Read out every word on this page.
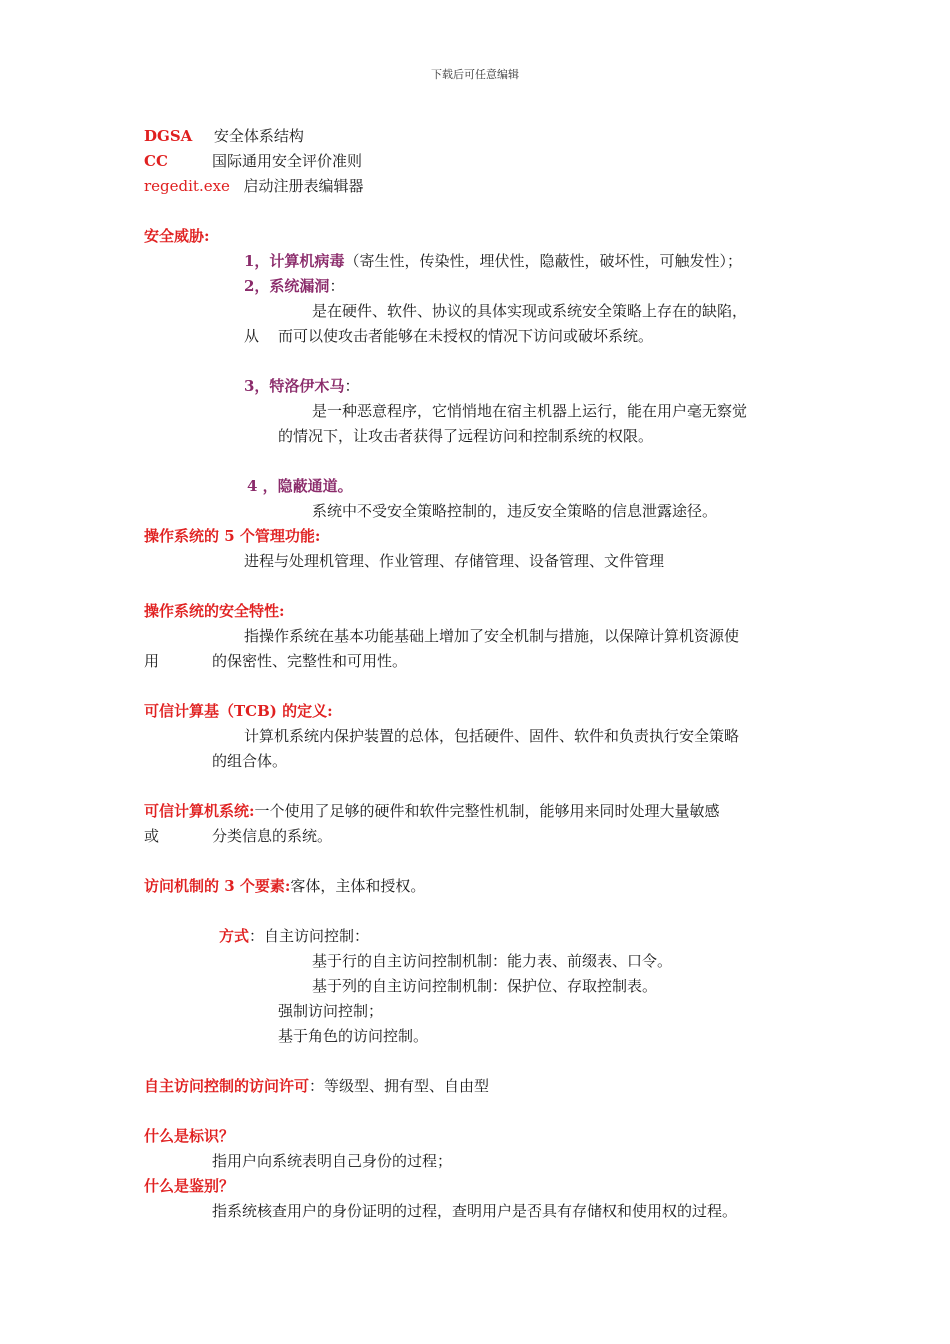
下载后可任意编辑
DGSA 安全体系结构
CC	国际通用安全评价准则
regedit.exe 启动注册表编辑器
安全威胁:
1，计算机病毒（寄生性，传染性，埋伏性，隐蔽性，破坏性，可触发性）；
2，系统漏洞：
是在硬件、软件、协议的具体实现或系统安全策略上存在的缺陷，
从 而可以使攻击者能够在未授权的情况下访问或破坏系统。
3，特洛伊木马：
是一种恶意程序，它悄悄地在宿主机器上运行，能在用户毫无察觉
的情况下，让攻击者获得了远程访问和控制系统的权限。
4 ，隐蔽通道。
系统中不受安全策略控制的，违反安全策略的信息泄露途径。
操作系统的 5 个管理功能:
进程与处理机管理、作业管理、存储管理、设备管理、文件管理
操作系统的安全特性:
指操作系统在基本功能基础上增加了安全机制与措施，以保障计算机资源使
用	的保密性、完整性和可用性。
可信计算基（TCB) 的定义:
计算机系统内保护装置的总体，包括硬件、固件、软件和负责执行安全策略
的组合体。
可信计算机系统:一个使用了足够的硬件和软件完整性机制，能够用来同时处理大量敏感
或	分类信息的系统。
访问机制的 3 个要素:客体，主体和授权。
方式：自主访问控制：
基于行的自主访问控制机制：能力表、前缀表、口令。
基于列的自主访问控制机制：保护位、存取控制表。
强制访问控制；
基于角色的访问控制。
自主访问控制的访问许可：等级型、拥有型、自由型
什么是标识？
指用户向系统表明自己身份的过程；
什么是鉴别？
指系统核查用户的身份证明的过程，查明用户是否具有存储权和使用权的过程。
